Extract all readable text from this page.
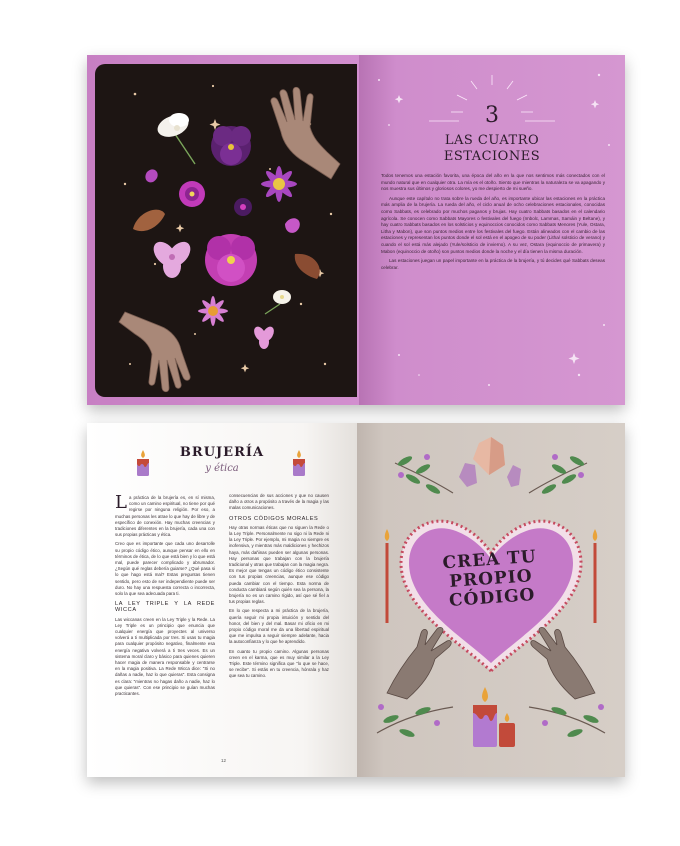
3
LAS CUATRO
ESTACIONES

Todos tenemos una estación favorita, una época del año en la que nos sentimos más conectados con el mundo natural que en cualquier otra. La mía es el otoño. Siento que mientras la naturaleza se va apagando y nos muestra sus últimos y gloriosos colores, yo me despierto de mi sueño.

Aunque este capítulo no trata sobre la rueda del año, es importante ubicar las estaciones en la práctica más amplia de la brujería. La rueda del año, el ciclo anual de ocho celebraciones estacionales, conocidas como Sabbats, es celebrado por muchos paganos y brujas. Hay cuatro Sabbats basados en el calendario agrícola. Se conocen como Sabbats Mayores o festivales del fuego (Imbolc, Lammas, Samáin y Beltane), y hay cuatro Sabbats basados en los solsticios y equinoccios conocidos como Sabbats Menores (Yule, Ostara, Litha y Mabon), que son puntos medios entre los festivales del fuego. Están alineados con el cambio de las estaciones y representan los puntos donde el sol está en el apogeo de su poder (Litha/ solsticio de verano) y cuando el sol está más alejado (Yule/solsticio de invierno). A su vez, Ostara (equinoccio de primavera) y Mabon (equinoccio de otoño) son puntos medios donde la noche y el día tienen la misma duración.

Las estaciones juegan un papel importante en la práctica de la brujería, y tú decides qué Sabbats deseas celebrar.

BRUJERÍA
y ética

La práctica de la brujería es, en sí misma, como un camino espiritual, no tiene por qué regirse por ninguna religión. Por eso, a muchas personas les atrae lo que hay de libre y de específico de conexión. Hay muchas creencias y tradiciones diferentes en la brujería, cada una con sus propias prácticas y ética.

Creo que es importante que cada uno desarrolle su propio código ético, aunque pensar en ello en términos de ética, de lo que está bien y lo que está mal, puede parecer complicado y abrumador. ¿Según qué reglas debería guiarse? ¿Qué pasa si lo que hago está mal? Estas preguntas tienen sentido, pero esto de ser independiente puede ser duro. No hay una respuesta correcta o incorrecta, solo la que sea adecuada para ti.

LA LEY TRIPLE Y LA REDE WICCA

Las wiccanas creen en la Ley Triple y la Rede. La Ley Triple es un principio que enuncia que cualquier energía que proyectes al universo volverá a ti multiplicada por tres. Si usas tu magia para cualquier propósito negativo, finalmente esa energía negativa volverá a ti tres veces. Es un sistema moral claro y básico para quienes quieren hacer magia de manera responsable y centrarse en la magia positiva. La Rede Wicca dice: "Si no dañas a nadie, haz lo que quieras". Esta consigna es clara: "mientras no hagas daño a nadie, haz lo que quieras". Con ese principio se guían muchas practicantes.

consecuencias de sus acciones y que no causen daño a otros a propósito a través de la magia y las malas comunicaciones.

OTROS CÓDIGOS MORALES

Hay otras normas éticas que no siguen la Rede o la Ley Triple. Personalmente no sigo ni la Rede ni la Ley Triple. Por ejemplo, mi magia no siempre es inofensiva, y mientras más maldiciones y hechizos haya, más dañinas pueden ser algunas personas. Hay personas que trabajan con la brujería tradicional y otras que trabajan con la magia negra. Es mejor que tengas un código ético consistente con tus propias creencias, aunque ese código pueda cambiar con el tiempo. Esta norma de conducta cambiará según quién sea la persona, la brujería no es un camino rígido, así que sé fiel a tus propias reglas.

En lo que respecta a mi práctica de la brujería, quería seguir mi propia intuición y sentido del honor, del bien y del mal. Basar mi oficio en mi propio código moral me da una libertad espiritual que me impulsa a seguir siempre adelante, hacia la autoconfianza y lo que he aprendido.

En cuanto tu propio camino. Algunas personas creen en el karma, que es muy similar a la Ley Triple. Este término significa que "lo que se hace, se recibe". Si estás en tu creencia, hónrala y haz que sea tu camino.

12
CREA TU
PROPIO
CÓDIGO
